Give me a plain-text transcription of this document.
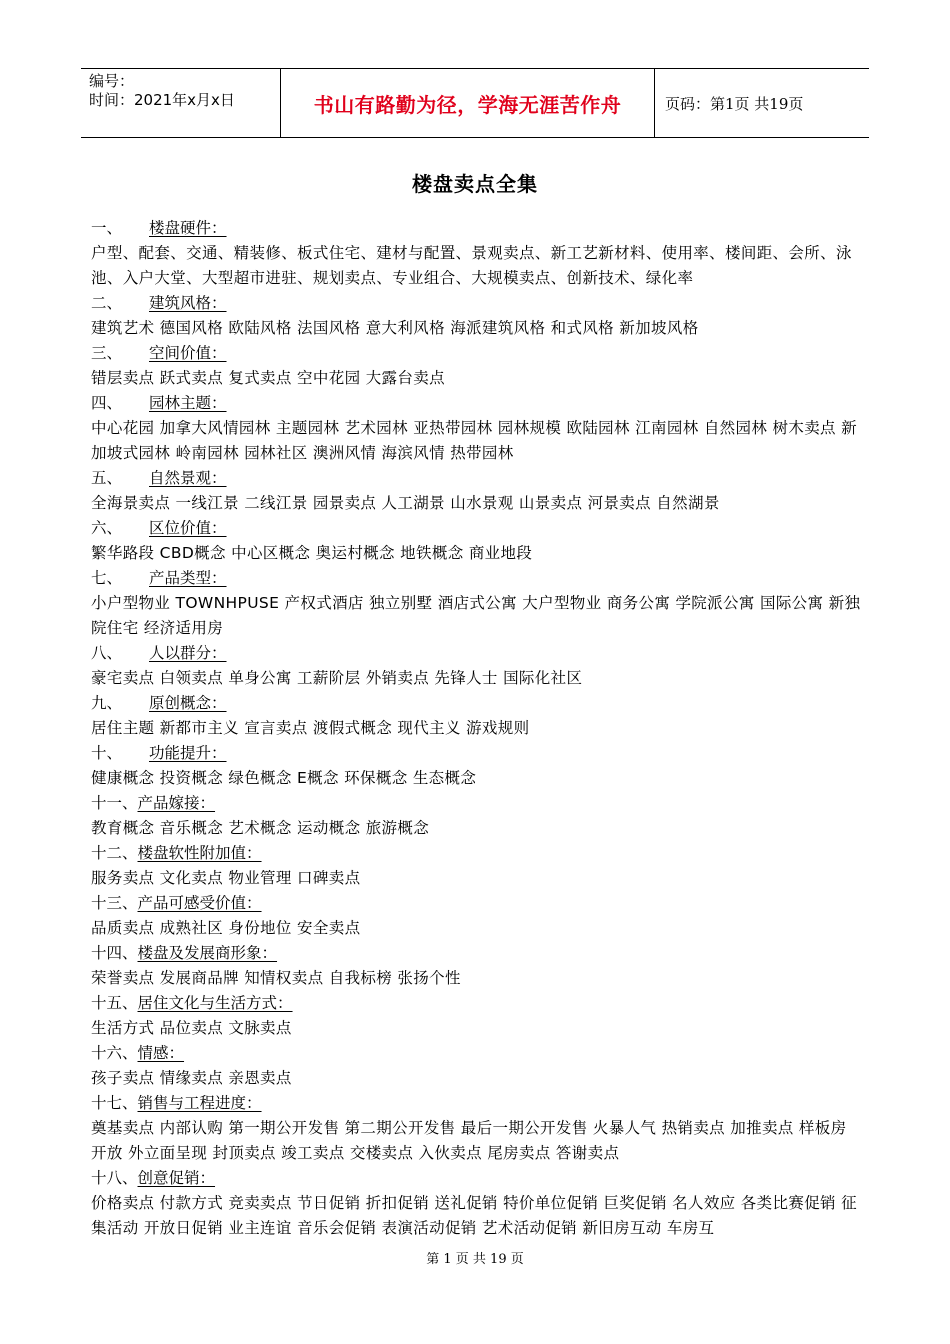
编号：
时间：2021年x月x日	书山有路勤为径，学海无涯苦作舟	页码：第1页 共19页
楼盘卖点全集
一、 楼盘硬件：
户型、配套、交通、精装修、板式住宅、建材与配置、景观卖点、新工艺新材料、使用率、楼间距、会所、泳池、入户大堂、大型超市进驻、规划卖点、专业组合、大规模卖点、创新技术、绿化率
二、 建筑风格：
建筑艺术 德国风格 欧陆风格 法国风格 意大利风格 海派建筑风格 和式风格 新加坡风格
三、 空间价值：
错层卖点 跃式卖点 复式卖点 空中花园 大露台卖点
四、 园林主题：
中心花园 加拿大风情园林 主题园林 艺术园林 亚热带园林 园林规模 欧陆园林 江南园林 自然园林 树木卖点 新加坡式园林 岭南园林 园林社区 澳洲风情 海滨风情 热带园林
五、 自然景观：
全海景卖点 一线江景 二线江景 园景卖点 人工湖景 山水景观 山景卖点 河景卖点 自然湖景
六、 区位价值：
繁华路段 CBD概念 中心区概念 奥运村概念 地铁概念 商业地段
七、 产品类型：
小户型物业 TOWNHPUSE 产权式酒店 独立别墅 酒店式公寓 大户型物业 商务公寓 学院派公寓 国际公寓 新独院住宅 经济适用房
八、 人以群分：
豪宅卖点 白领卖点 单身公寓 工薪阶层 外销卖点 先锋人士 国际化社区
九、 原创概念：
居住主题 新都市主义 宣言卖点 渡假式概念 现代主义 游戏规则
十、 功能提升：
健康概念 投资概念 绿色概念 E概念 环保概念 生态概念
十一、产品嫁接：
教育概念 音乐概念 艺术概念 运动概念 旅游概念
十二、楼盘软性附加值：
服务卖点 文化卖点 物业管理 口碑卖点
十三、产品可感受价值：
品质卖点 成熟社区 身份地位 安全卖点
十四、楼盘及发展商形象：
荣誉卖点 发展商品牌 知情权卖点 自我标榜 张扬个性
十五、居住文化与生活方式：
生活方式 品位卖点 文脉卖点
十六、情感：
孩子卖点 情缘卖点 亲恩卖点
十七、销售与工程进度：
奠基卖点 内部认购 第一期公开发售 第二期公开发售 最后一期公开发售 火暴人气 热销卖点 加推卖点 样板房开放 外立面呈现 封顶卖点 竣工卖点 交楼卖点 入伙卖点 尾房卖点 答谢卖点
十八、创意促销：
价格卖点 付款方式 竞卖卖点 节日促销 折扣促销 送礼促销 特价单位促销 巨奖促销 名人效应 各类比赛促销 征集活动 开放日促销 业主连谊 音乐会促销 表演活动促销 艺术活动促销 新旧房互动 车房互
第 1 页 共 19 页
